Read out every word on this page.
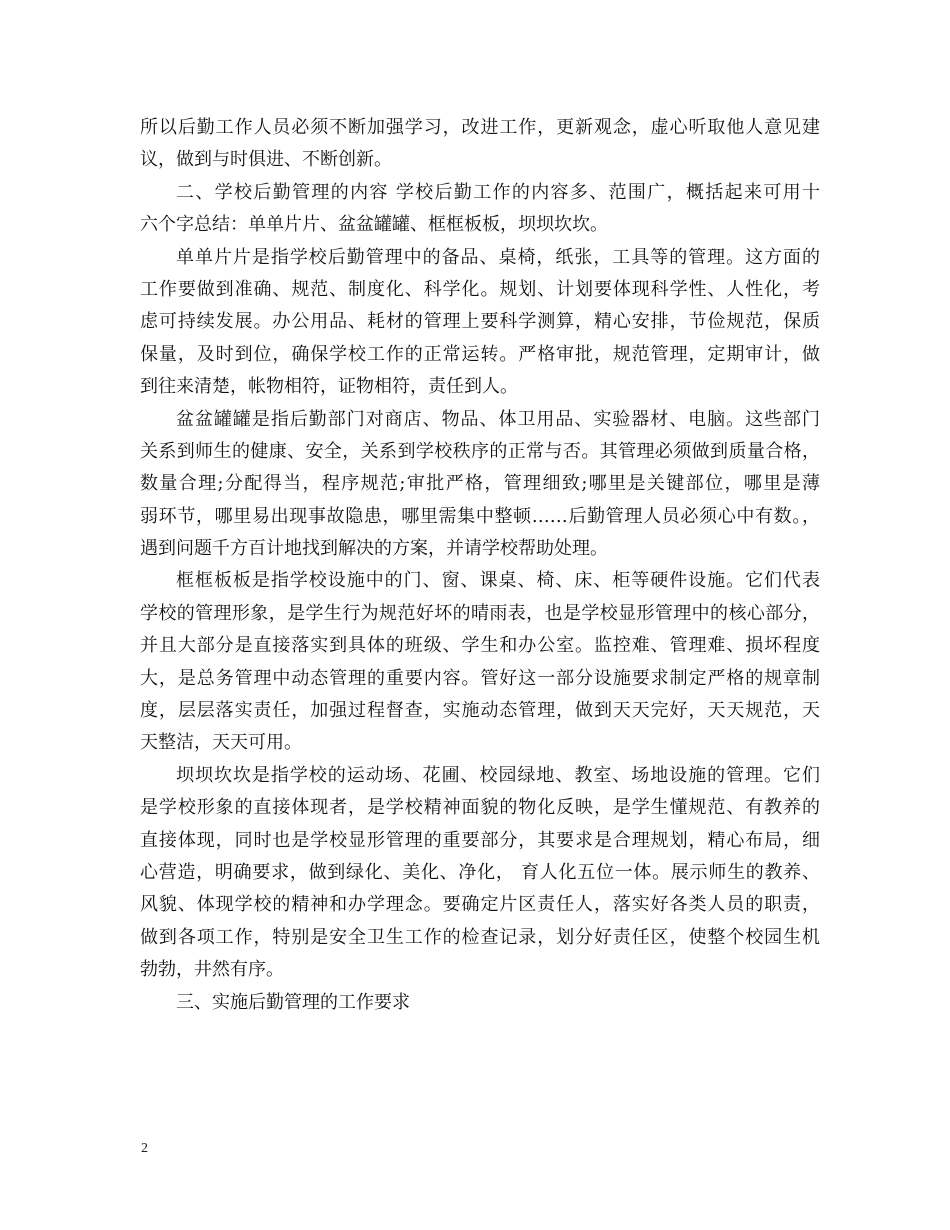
所以后勤工作人员必须不断加强学习，改进工作，更新观念，虚心听取他人意见建
议，做到与时俱进、不断创新。
二、学校后勤管理的内容 学校后勤工作的内容多、范围广，概括起来可用十
六个字总结：单单片片、盆盆罐罐、框框板板，坝坝坎坎。
单单片片是指学校后勤管理中的备品、桌椅，纸张，工具等的管理。这方面的
工作要做到准确、规范、制度化、科学化。规划、计划要体现科学性、人性化，考
虑可持续发展。办公用品、耗材的管理上要科学测算，精心安排，节俭规范，保质
保量，及时到位，确保学校工作的正常运转。严格审批，规范管理，定期审计，做
到往来清楚，帐物相符，证物相符，责任到人。
盆盆罐罐是指后勤部门对商店、物品、体卫用品、实验器材、电脑。这些部门
关系到师生的健康、安全，关系到学校秩序的正常与否。其管理必须做到质量合格，
数量合理;分配得当，程序规范;审批严格，管理细致;哪里是关键部位，哪里是薄
弱环节，哪里易出现事故隐患，哪里需集中整顿……后勤管理人员必须心中有数。，
遇到问题千方百计地找到解决的方案，并请学校帮助处理。
框框板板是指学校设施中的门、窗、课桌、椅、床、柜等硬件设施。它们代表
学校的管理形象，是学生行为规范好坏的晴雨表，也是学校显形管理中的核心部分，
并且大部分是直接落实到具体的班级、学生和办公室。监控难、管理难、损坏程度
大，是总务管理中动态管理的重要内容。管好这一部分设施要求制定严格的规章制
度，层层落实责任，加强过程督查，实施动态管理，做到天天完好，天天规范，天
天整洁，天天可用。
坝坝坎坎是指学校的运动场、花圃、校园绿地、教室、场地设施的管理。它们
是学校形象的直接体现者，是学校精神面貌的物化反映，是学生懂规范、有教养的
直接体现，同时也是学校显形管理的重要部分，其要求是合理规划，精心布局，细
心营造，明确要求，做到绿化、美化、净化， 育人化五位一体。展示师生的教养、
风貌、体现学校的精神和办学理念。要确定片区责任人，落实好各类人员的职责，
做到各项工作，特别是安全卫生工作的检查记录，划分好责任区，使整个校园生机
勃勃，井然有序。
三、实施后勤管理的工作要求
2
